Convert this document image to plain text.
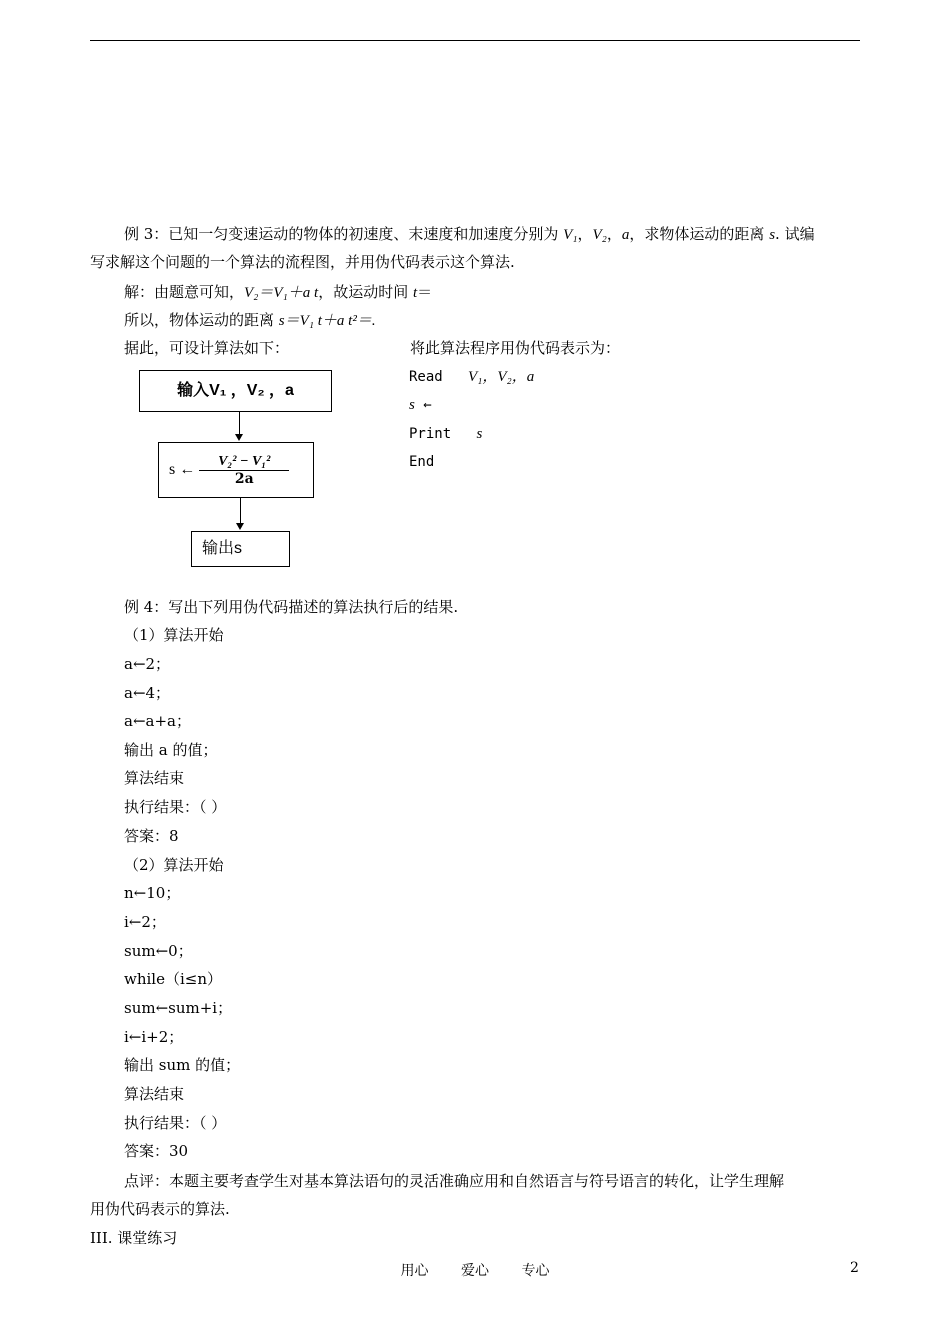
例 3：已知一匀变速运动的物体的初速度、末速度和加速度分别为 V₁，V₂，a，求物体运动的距离 s. 试编
写求解这个问题的一个算法的流程图，并用伪代码表示这个算法.
解：由题意可知，V₂＝V₁＋a t，故运动时间 t＝
所以，物体运动的距离 s＝V₁ t＋a t²＝.
据此，可设计算法如下：	将此算法程序用伪代码表示为：
输入V₁ ，V₂ ，a
s ← $\frac{\text{V₂² − V₁²}}{2a}$
输出s
Read V₁，V₂，a
s ←
Print s
End
例 4：写出下列用伪代码描述的算法执行后的结果.
（1）算法开始
a←2；
a←4；
a←a+a；
输出 a 的值；
算法结束
执行结果：（ ）
答案：8
（2）算法开始
n←10；
i←2；
sum←0；
while（i≤n）
sum←sum+i；
i←i+2；
输出 sum 的值；
算法结束
执行结果：（ ）
答案：30
点评：本题主要考查学生对基本算法语句的灵活准确应用和自然语言与符号语言的转化，让学生理解
用伪代码表示的算法.
III. 课堂练习
用心 爱心 专心	2
